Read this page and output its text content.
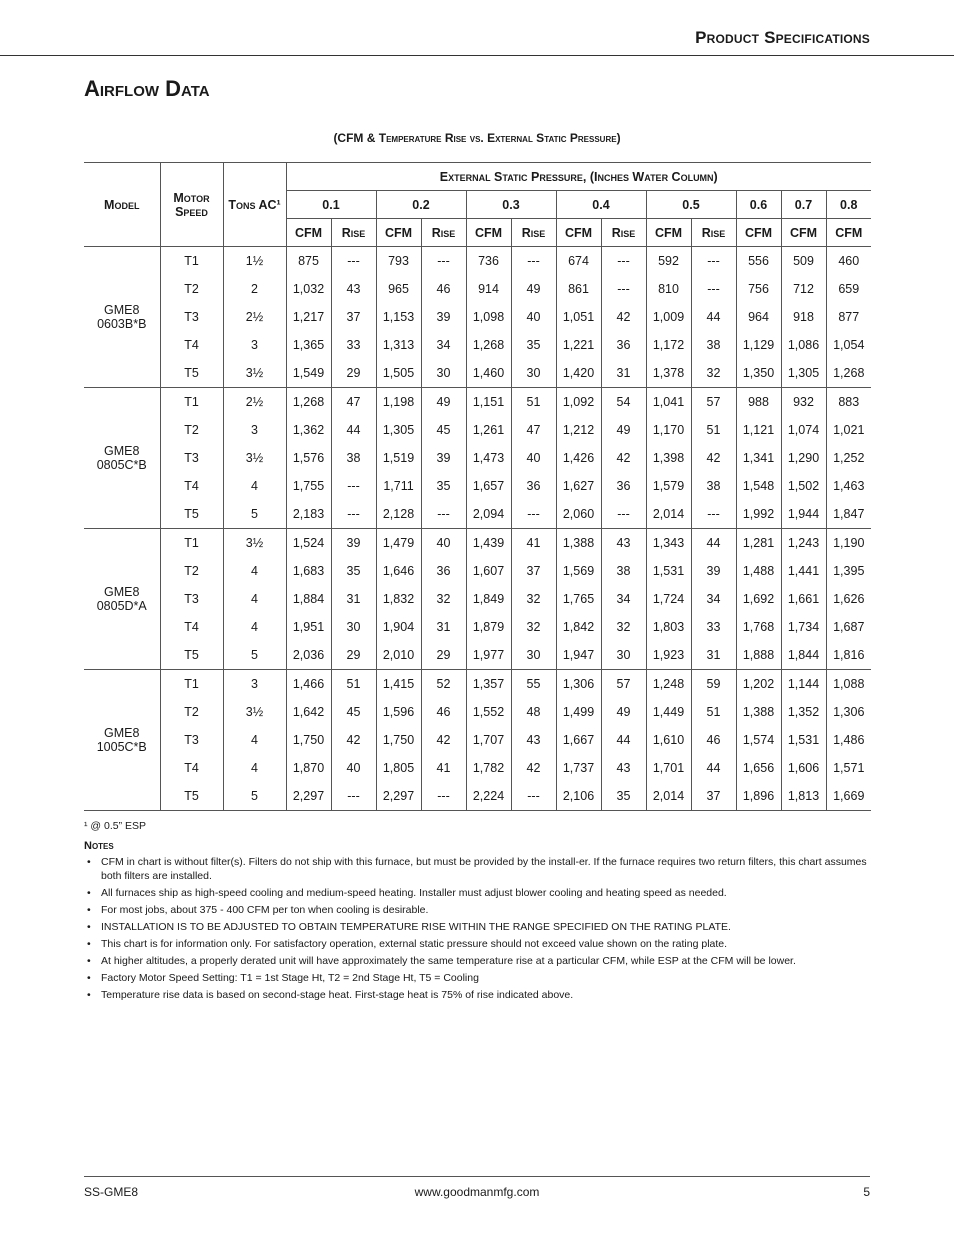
Product Specifications
Airflow Data
(CFM & Temperature Rise vs. External Static Pressure)
Model	Motor Speed	Tons AC¹	External Static Pressure, (Inches Water Column)												
			0.1		0.2		0.3		0.4		0.5		0.6	0.7	0.8
			CFM	Rise	CFM	Rise	CFM	Rise	CFM	Rise	CFM	Rise	CFM	CFM	CFM
GME8 0603B*B	T1	1½	875	---	793	---	736	---	674	---	592	---	556	509	460
	T2	2	1,032	43	965	46	914	49	861	---	810	---	756	712	659
	T3	2½	1,217	37	1,153	39	1,098	40	1,051	42	1,009	44	964	918	877
	T4	3	1,365	33	1,313	34	1,268	35	1,221	36	1,172	38	1,129	1,086	1,054
	T5	3½	1,549	29	1,505	30	1,460	30	1,420	31	1,378	32	1,350	1,305	1,268
GME8 0805C*B	T1	2½	1,268	47	1,198	49	1,151	51	1,092	54	1,041	57	988	932	883
	T2	3	1,362	44	1,305	45	1,261	47	1,212	49	1,170	51	1,121	1,074	1,021
	T3	3½	1,576	38	1,519	39	1,473	40	1,426	42	1,398	42	1,341	1,290	1,252
	T4	4	1,755	---	1,711	35	1,657	36	1,627	36	1,579	38	1,548	1,502	1,463
	T5	5	2,183	---	2,128	---	2,094	---	2,060	---	2,014	---	1,992	1,944	1,847
GME8 0805D*A	T1	3½	1,524	39	1,479	40	1,439	41	1,388	43	1,343	44	1,281	1,243	1,190
	T2	4	1,683	35	1,646	36	1,607	37	1,569	38	1,531	39	1,488	1,441	1,395
	T3	4	1,884	31	1,832	32	1,849	32	1,765	34	1,724	34	1,692	1,661	1,626
	T4	4	1,951	30	1,904	31	1,879	32	1,842	32	1,803	33	1,768	1,734	1,687
	T5	5	2,036	29	2,010	29	1,977	30	1,947	30	1,923	31	1,888	1,844	1,816
GME8 1005C*B	T1	3	1,466	51	1,415	52	1,357	55	1,306	57	1,248	59	1,202	1,144	1,088
	T2	3½	1,642	45	1,596	46	1,552	48	1,499	49	1,449	51	1,388	1,352	1,306
	T3	4	1,750	42	1,750	42	1,707	43	1,667	44	1,610	46	1,574	1,531	1,486
	T4	4	1,870	40	1,805	41	1,782	42	1,737	43	1,701	44	1,656	1,606	1,571
	T5	5	2,297	---	2,297	---	2,224	---	2,106	35	2,014	37	1,896	1,813	1,669
¹ @ 0.5” ESP
Notes
• CFM in chart is without filter(s). Filters do not ship with this furnace, but must be provided by the install-er. If the furnace requires two return filters, this chart assumes both filters are installed.
• All furnaces ship as high-speed cooling and medium-speed heating. Installer must adjust blower cooling and heating speed as needed.
• For most jobs, about 375 - 400 CFM per ton when cooling is desirable.
• INSTALLATION IS TO BE ADJUSTED TO OBTAIN TEMPERATURE RISE WITHIN THE RANGE SPECIFIED ON THE RATING PLATE.
• This chart is for information only. For satisfactory operation, external static pressure should not exceed value shown on the rating plate.
• At higher altitudes, a properly derated unit will have approximately the same temperature rise at a particular CFM, while ESP at the CFM will be lower.
• Factory Motor Speed Setting: T1 = 1st Stage Ht, T2 = 2nd Stage Ht, T5 = Cooling
• Temperature rise data is based on second-stage heat. First-stage heat is 75% of rise indicated above.
SS-GME8	www.goodmanmfg.com	5
